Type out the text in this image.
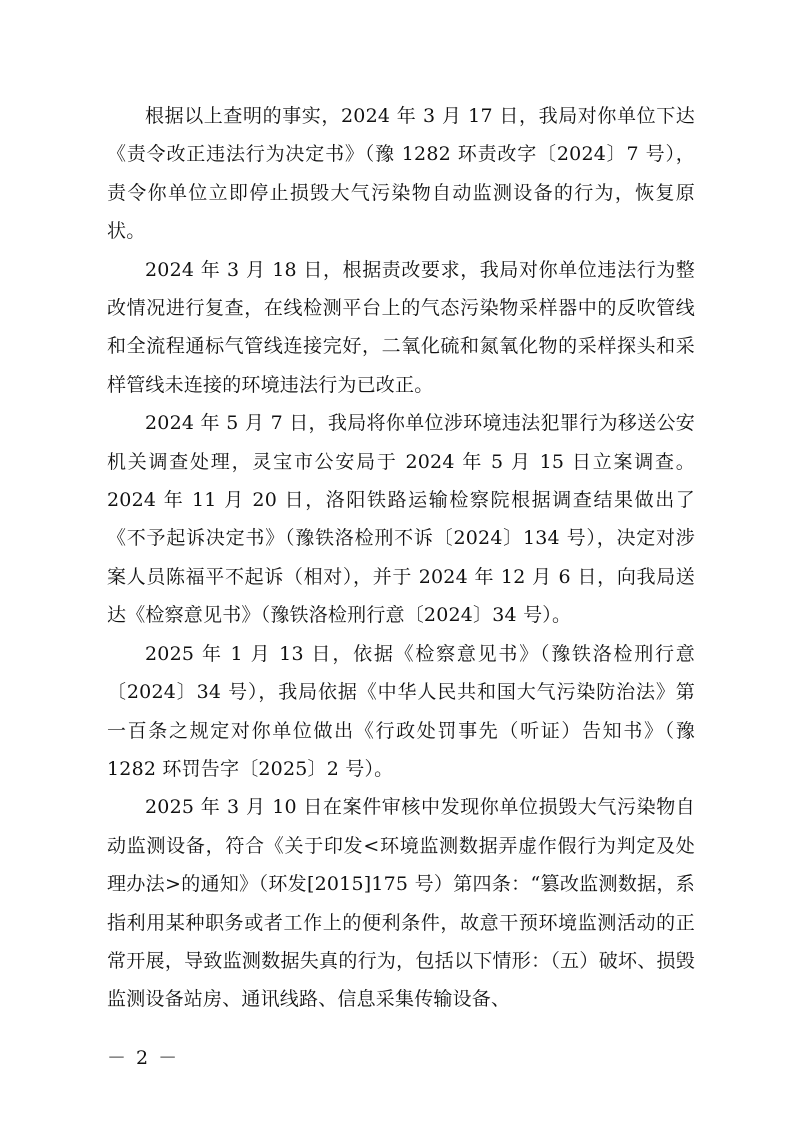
根据以上查明的事实，2024 年 3 月 17 日，我局对你单位下达《责令改正违法行为决定书》（豫 1282 环责改字〔2024〕7 号），责令你单位立即停止损毁大气污染物自动监测设备的行为，恢复原状。

2024 年 3 月 18 日，根据责改要求，我局对你单位违法行为整改情况进行复查，在线检测平台上的气态污染物采样器中的反吹管线和全流程通标气管线连接完好，二氧化硫和氮氧化物的采样探头和采样管线未连接的环境违法行为已改正。

2024 年 5 月 7 日，我局将你单位涉环境违法犯罪行为移送公安机关调查处理，灵宝市公安局于 2024 年 5 月 15 日立案调查。2024 年 11 月 20 日，洛阳铁路运输检察院根据调查结果做出了《不予起诉决定书》（豫铁洛检刑不诉〔2024〕134 号），决定对涉案人员陈福平不起诉（相对），并于 2024 年 12 月 6 日，向我局送达《检察意见书》（豫铁洛检刑行意〔2024〕34 号）。

2025 年 1 月 13 日，依据《检察意见书》（豫铁洛检刑行意〔2024〕34 号），我局依据《中华人民共和国大气污染防治法》第一百条之规定对你单位做出《行政处罚事先（听证）告知书》（豫 1282 环罚告字〔2025〕2 号）。

2025 年 3 月 10 日在案件审核中发现你单位损毁大气污染物自动监测设备，符合《关于印发<环境监测数据弄虚作假行为判定及处理办法>的通知》（环发[2015]175 号）第四条：“篡改监测数据，系指利用某种职务或者工作上的便利条件，故意干预环境监测活动的正常开展，导致监测数据失真的行为，包括以下情形：（五）破坏、损毁监测设备站房、通讯线路、信息采集传输设备、

－ 2 －
